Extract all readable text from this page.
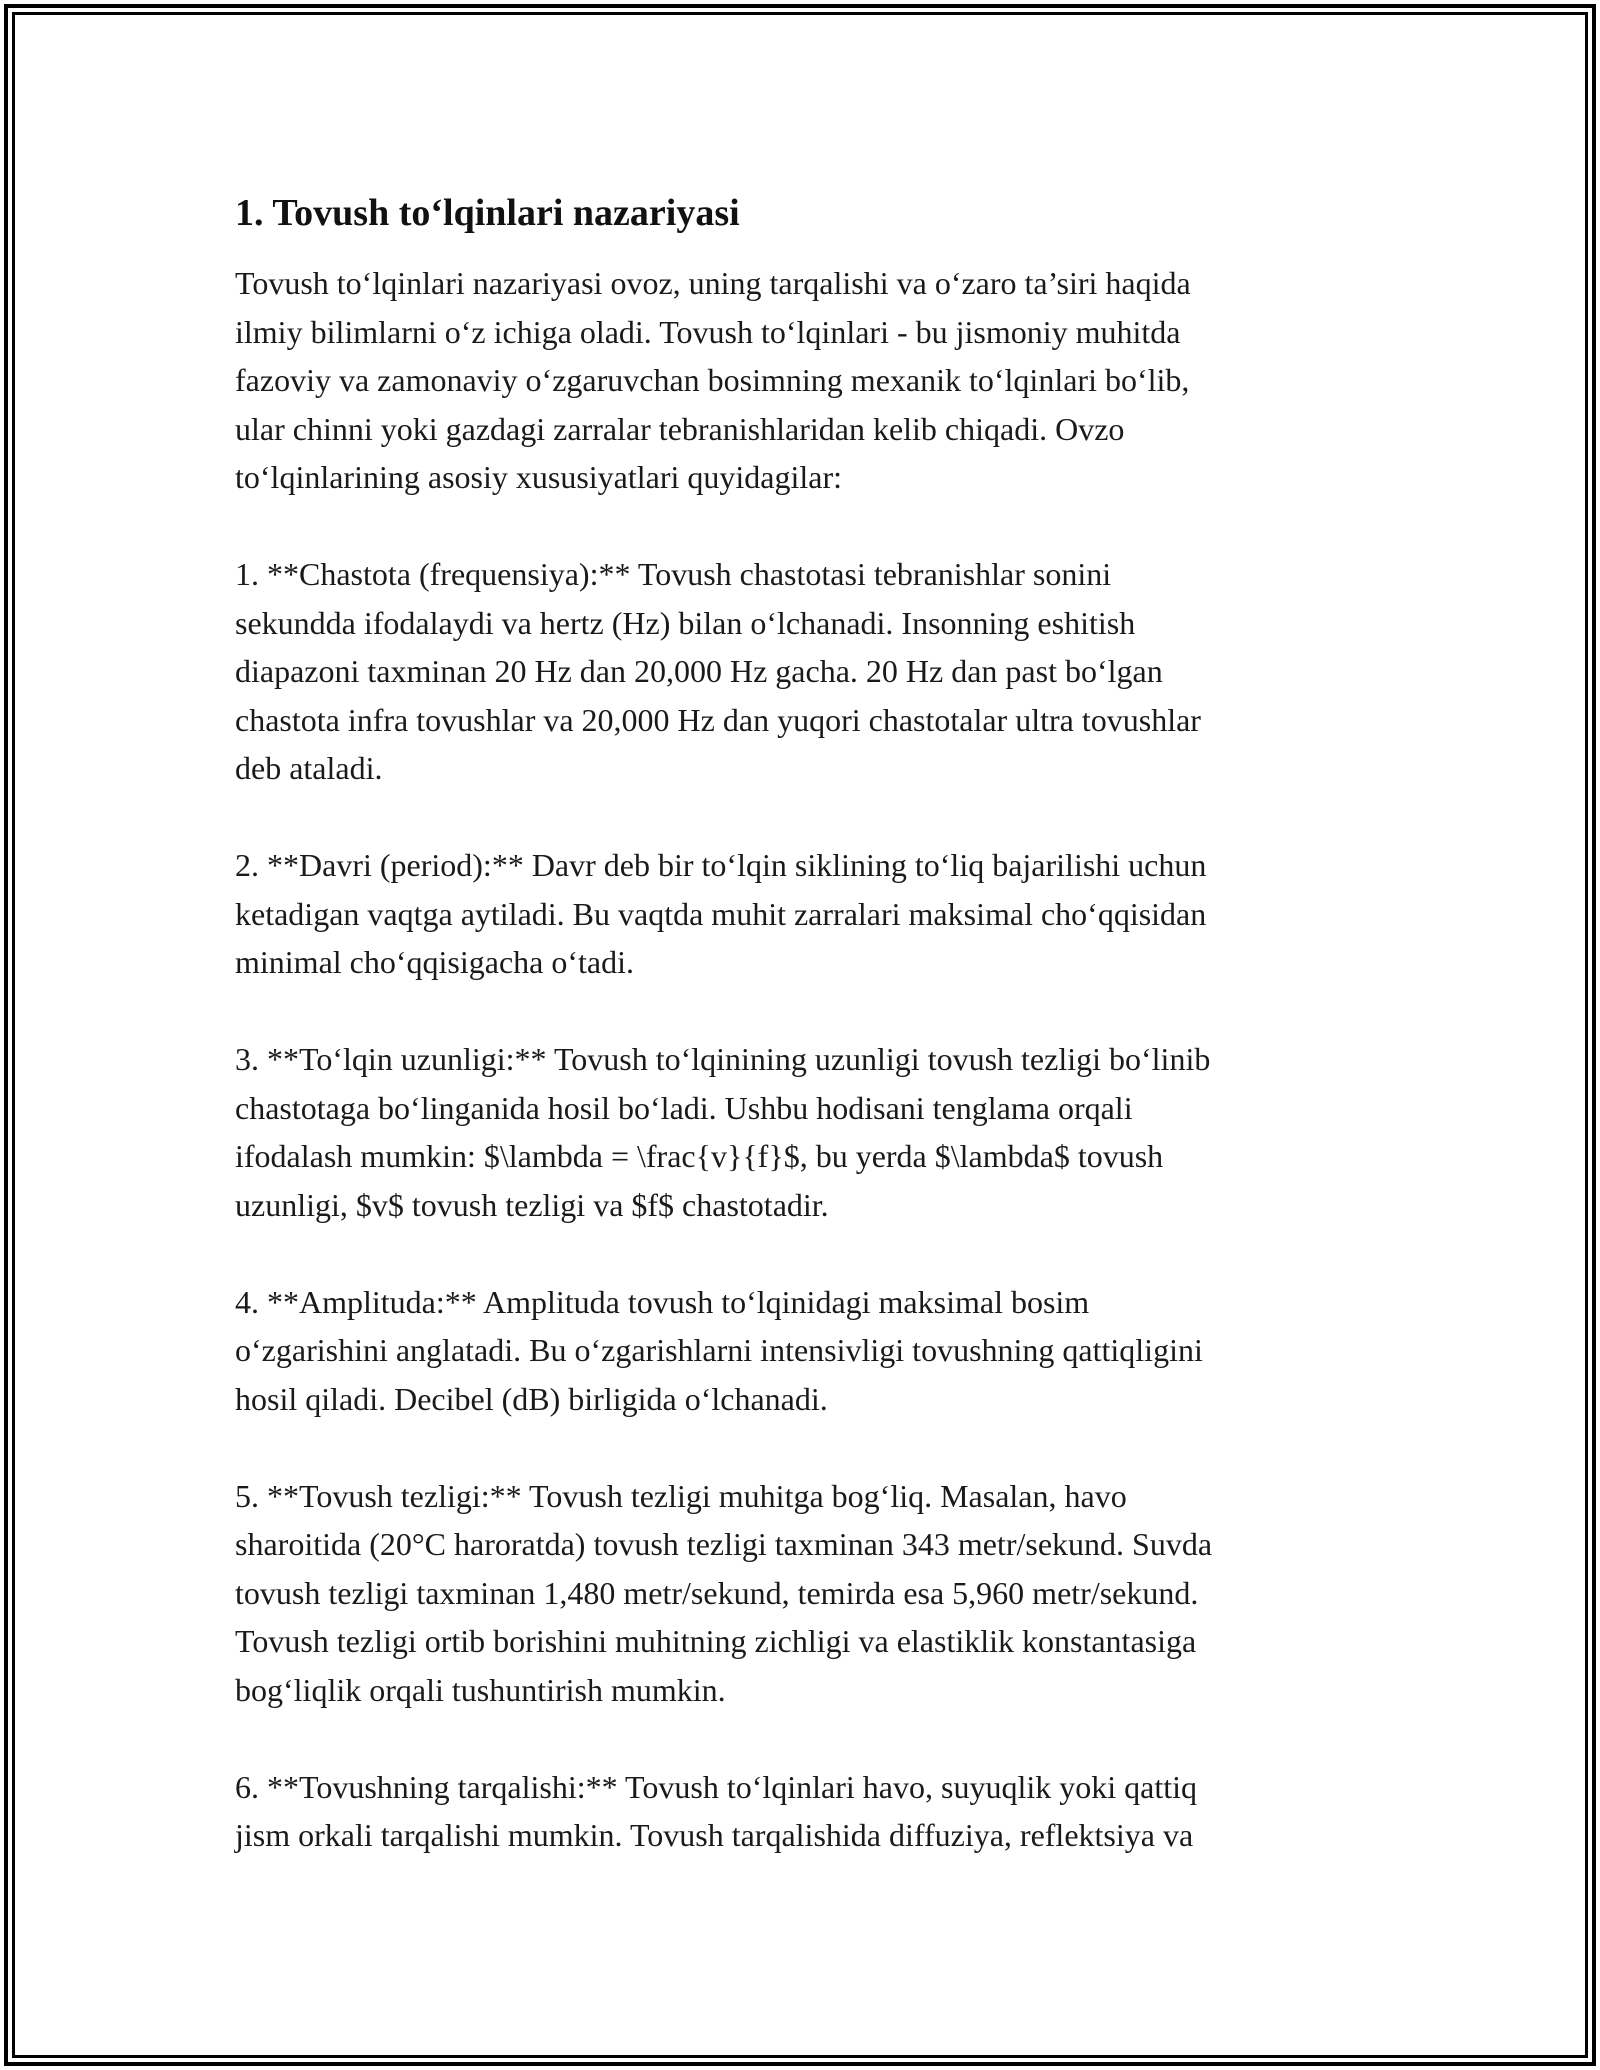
1. Tovush to‘lqinlari nazariyasi
Tovush to‘lqinlari nazariyasi ovoz, uning tarqalishi va o‘zaro ta’siri haqida
ilmiy bilimlarni o‘z ichiga oladi. Tovush to‘lqinlari - bu jismoniy muhitda
fazoviy va zamonaviy o‘zgaruvchan bosimning mexanik to‘lqinlari bo‘lib,
ular chinni yoki gazdagi zarralar tebranishlaridan kelib chiqadi. Ovzo
to‘lqinlarining asosiy xususiyatlari quyidagilar:
1. **Chastota (frequensiya):** Tovush chastotasi tebranishlar sonini
sekundda ifodalaydi va hertz (Hz) bilan o‘lchanadi. Insonning eshitish
diapazoni taxminan 20 Hz dan 20,000 Hz gacha. 20 Hz dan past bo‘lgan
chastota infra tovushlar va 20,000 Hz dan yuqori chastotalar ultra tovushlar
deb ataladi.
2. **Davri (period):** Davr deb bir to‘lqin siklining to‘liq bajarilishi uchun
ketadigan vaqtga aytiladi. Bu vaqtda muhit zarralari maksimal cho‘qqisidan
minimal cho‘qqisigacha o‘tadi.
3. **To‘lqin uzunligi:** Tovush to‘lqinining uzunligi tovush tezligi bo‘linib
chastotaga bo‘linganida hosil bo‘ladi. Ushbu hodisani tenglama orqali
ifodalash mumkin: $\lambda = \frac{v}{f}$, bu yerda $\lambda$ tovush
uzunligi, $v$ tovush tezligi va $f$ chastotadir.
4. **Amplituda:** Amplituda tovush to‘lqinidagi maksimal bosim
o‘zgarishini anglatadi. Bu o‘zgarishlarni intensivligi tovushning qattiqligini
hosil qiladi. Decibel (dB) birligida o‘lchanadi.
5. **Tovush tezligi:** Tovush tezligi muhitga bog‘liq. Masalan, havo
sharoitida (20°C haroratda) tovush tezligi taxminan 343 metr/sekund. Suvda
tovush tezligi taxminan 1,480 metr/sekund, temirda esa 5,960 metr/sekund.
Tovush tezligi ortib borishini muhitning zichligi va elastiklik konstantasiga
bog‘liqlik orqali tushuntirish mumkin.
6. **Tovushning tarqalishi:** Tovush to‘lqinlari havo, suyuqlik yoki qattiq
jism orkali tarqalishi mumkin. Tovush tarqalishida diffuziya, reflektsiya va
